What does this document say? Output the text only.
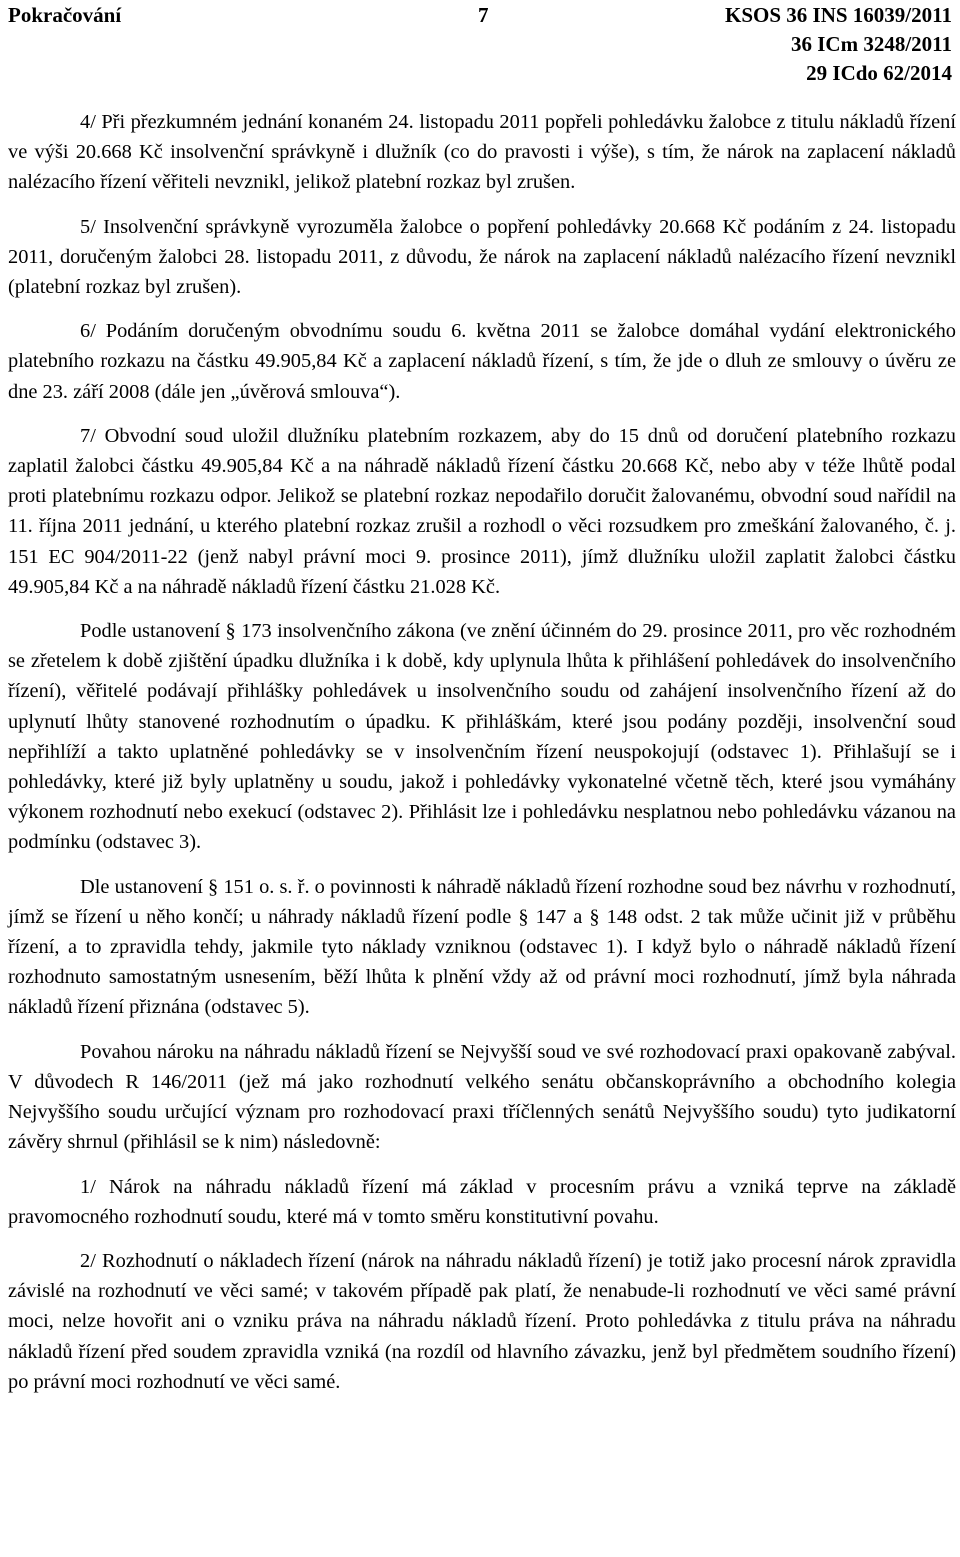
Pokračování	7	KSOS 36 INS 16039/2011
36 ICm 3248/2011
29 ICdo 62/2014

4/ Při přezkumném jednání konaném 24. listopadu 2011 popřeli pohledávku žalobce z titulu nákladů řízení ve výši 20.668 Kč insolvenční správkyně i dlužník (co do pravosti i výše), s tím, že nárok na zaplacení nákladů nalézacího řízení věřiteli nevznikl, jelikož platební rozkaz byl zrušen.

5/ Insolvenční správkyně vyrozuměla žalobce o popření pohledávky 20.668 Kč podáním z 24. listopadu 2011, doručeným žalobci 28. listopadu 2011, z důvodu, že nárok na zaplacení nákladů nalézacího řízení nevznikl (platební rozkaz byl zrušen).

6/ Podáním doručeným obvodnímu soudu 6. května 2011 se žalobce domáhal vydání elektronického platebního rozkazu na částku 49.905,84 Kč a zaplacení nákladů řízení, s tím, že jde o dluh ze smlouvy o úvěru ze dne 23. září 2008 (dále jen „úvěrová smlouva“).

7/ Obvodní soud uložil dlužníku platebním rozkazem, aby do 15 dnů od doručení platebního rozkazu zaplatil žalobci částku 49.905,84 Kč a na náhradě nákladů řízení částku 20.668 Kč, nebo aby v téže lhůtě podal proti platebnímu rozkazu odpor. Jelikož se platební rozkaz nepodařilo doručit žalovanému, obvodní soud nařídil na 11. října 2011 jednání, u kterého platební rozkaz zrušil a rozhodl o věci rozsudkem pro zmeškání žalovaného, č. j. 151 EC 904/2011-22 (jenž nabyl právní moci 9. prosince 2011), jímž dlužníku uložil zaplatit žalobci částku 49.905,84 Kč a na náhradě nákladů řízení částku 21.028 Kč.

Podle ustanovení § 173 insolvenčního zákona (ve znění účinném do 29. prosince 2011, pro věc rozhodném se zřetelem k době zjištění úpadku dlužníka i k době, kdy uplynula lhůta k přihlášení pohledávek do insolvenčního řízení), věřitelé podávají přihlášky pohledávek u insolvenčního soudu od zahájení insolvenčního řízení až do uplynutí lhůty stanovené rozhodnutím o úpadku. K přihláškám, které jsou podány později, insolvenční soud nepřihlíží a takto uplatněné pohledávky se v insolvenčním řízení neuspokojují (odstavec 1). Přihlašují se i pohledávky, které již byly uplatněny u soudu, jakož i pohledávky vykonatelné včetně těch, které jsou vymáhány výkonem rozhodnutí nebo exekucí (odstavec 2). Přihlásit lze i pohledávku nesplatnou nebo pohledávku vázanou na podmínku (odstavec 3).

Dle ustanovení § 151 o. s. ř. o povinnosti k náhradě nákladů řízení rozhodne soud bez návrhu v rozhodnutí, jímž se řízení u něho končí; u náhrady nákladů řízení podle § 147 a § 148 odst. 2 tak může učinit již v průběhu řízení, a to zpravidla tehdy, jakmile tyto náklady vzniknou (odstavec 1). I když bylo o náhradě nákladů řízení rozhodnuto samostatným usnesením, běží lhůta k plnění vždy až od právní moci rozhodnutí, jímž byla náhrada nákladů řízení přiznána (odstavec 5).

Povahou nároku na náhradu nákladů řízení se Nejvyšší soud ve své rozhodovací praxi opakovaně zabýval. V důvodech R 146/2011 (jež má jako rozhodnutí velkého senátu občanskoprávního a obchodního kolegia Nejvyššího soudu určující význam pro rozhodovací praxi tříčlenných senátů Nejvyššího soudu) tyto judikatorní závěry shrnul (přihlásil se k nim) následovně:

1/ Nárok na náhradu nákladů řízení má základ v procesním právu a vzniká teprve na základě pravomocného rozhodnutí soudu, které má v tomto směru konstitutivní povahu.

2/ Rozhodnutí o nákladech řízení (nárok na náhradu nákladů řízení) je totiž jako procesní nárok zpravidla závislé na rozhodnutí ve věci samé; v takovém případě pak platí, že nenabude-li rozhodnutí ve věci samé právní moci, nelze hovořit ani o vzniku práva na náhradu nákladů řízení. Proto pohledávka z titulu práva na náhradu nákladů řízení před soudem zpravidla vzniká (na rozdíl od hlavního závazku, jenž byl předmětem soudního řízení) po právní moci rozhodnutí ve věci samé.
